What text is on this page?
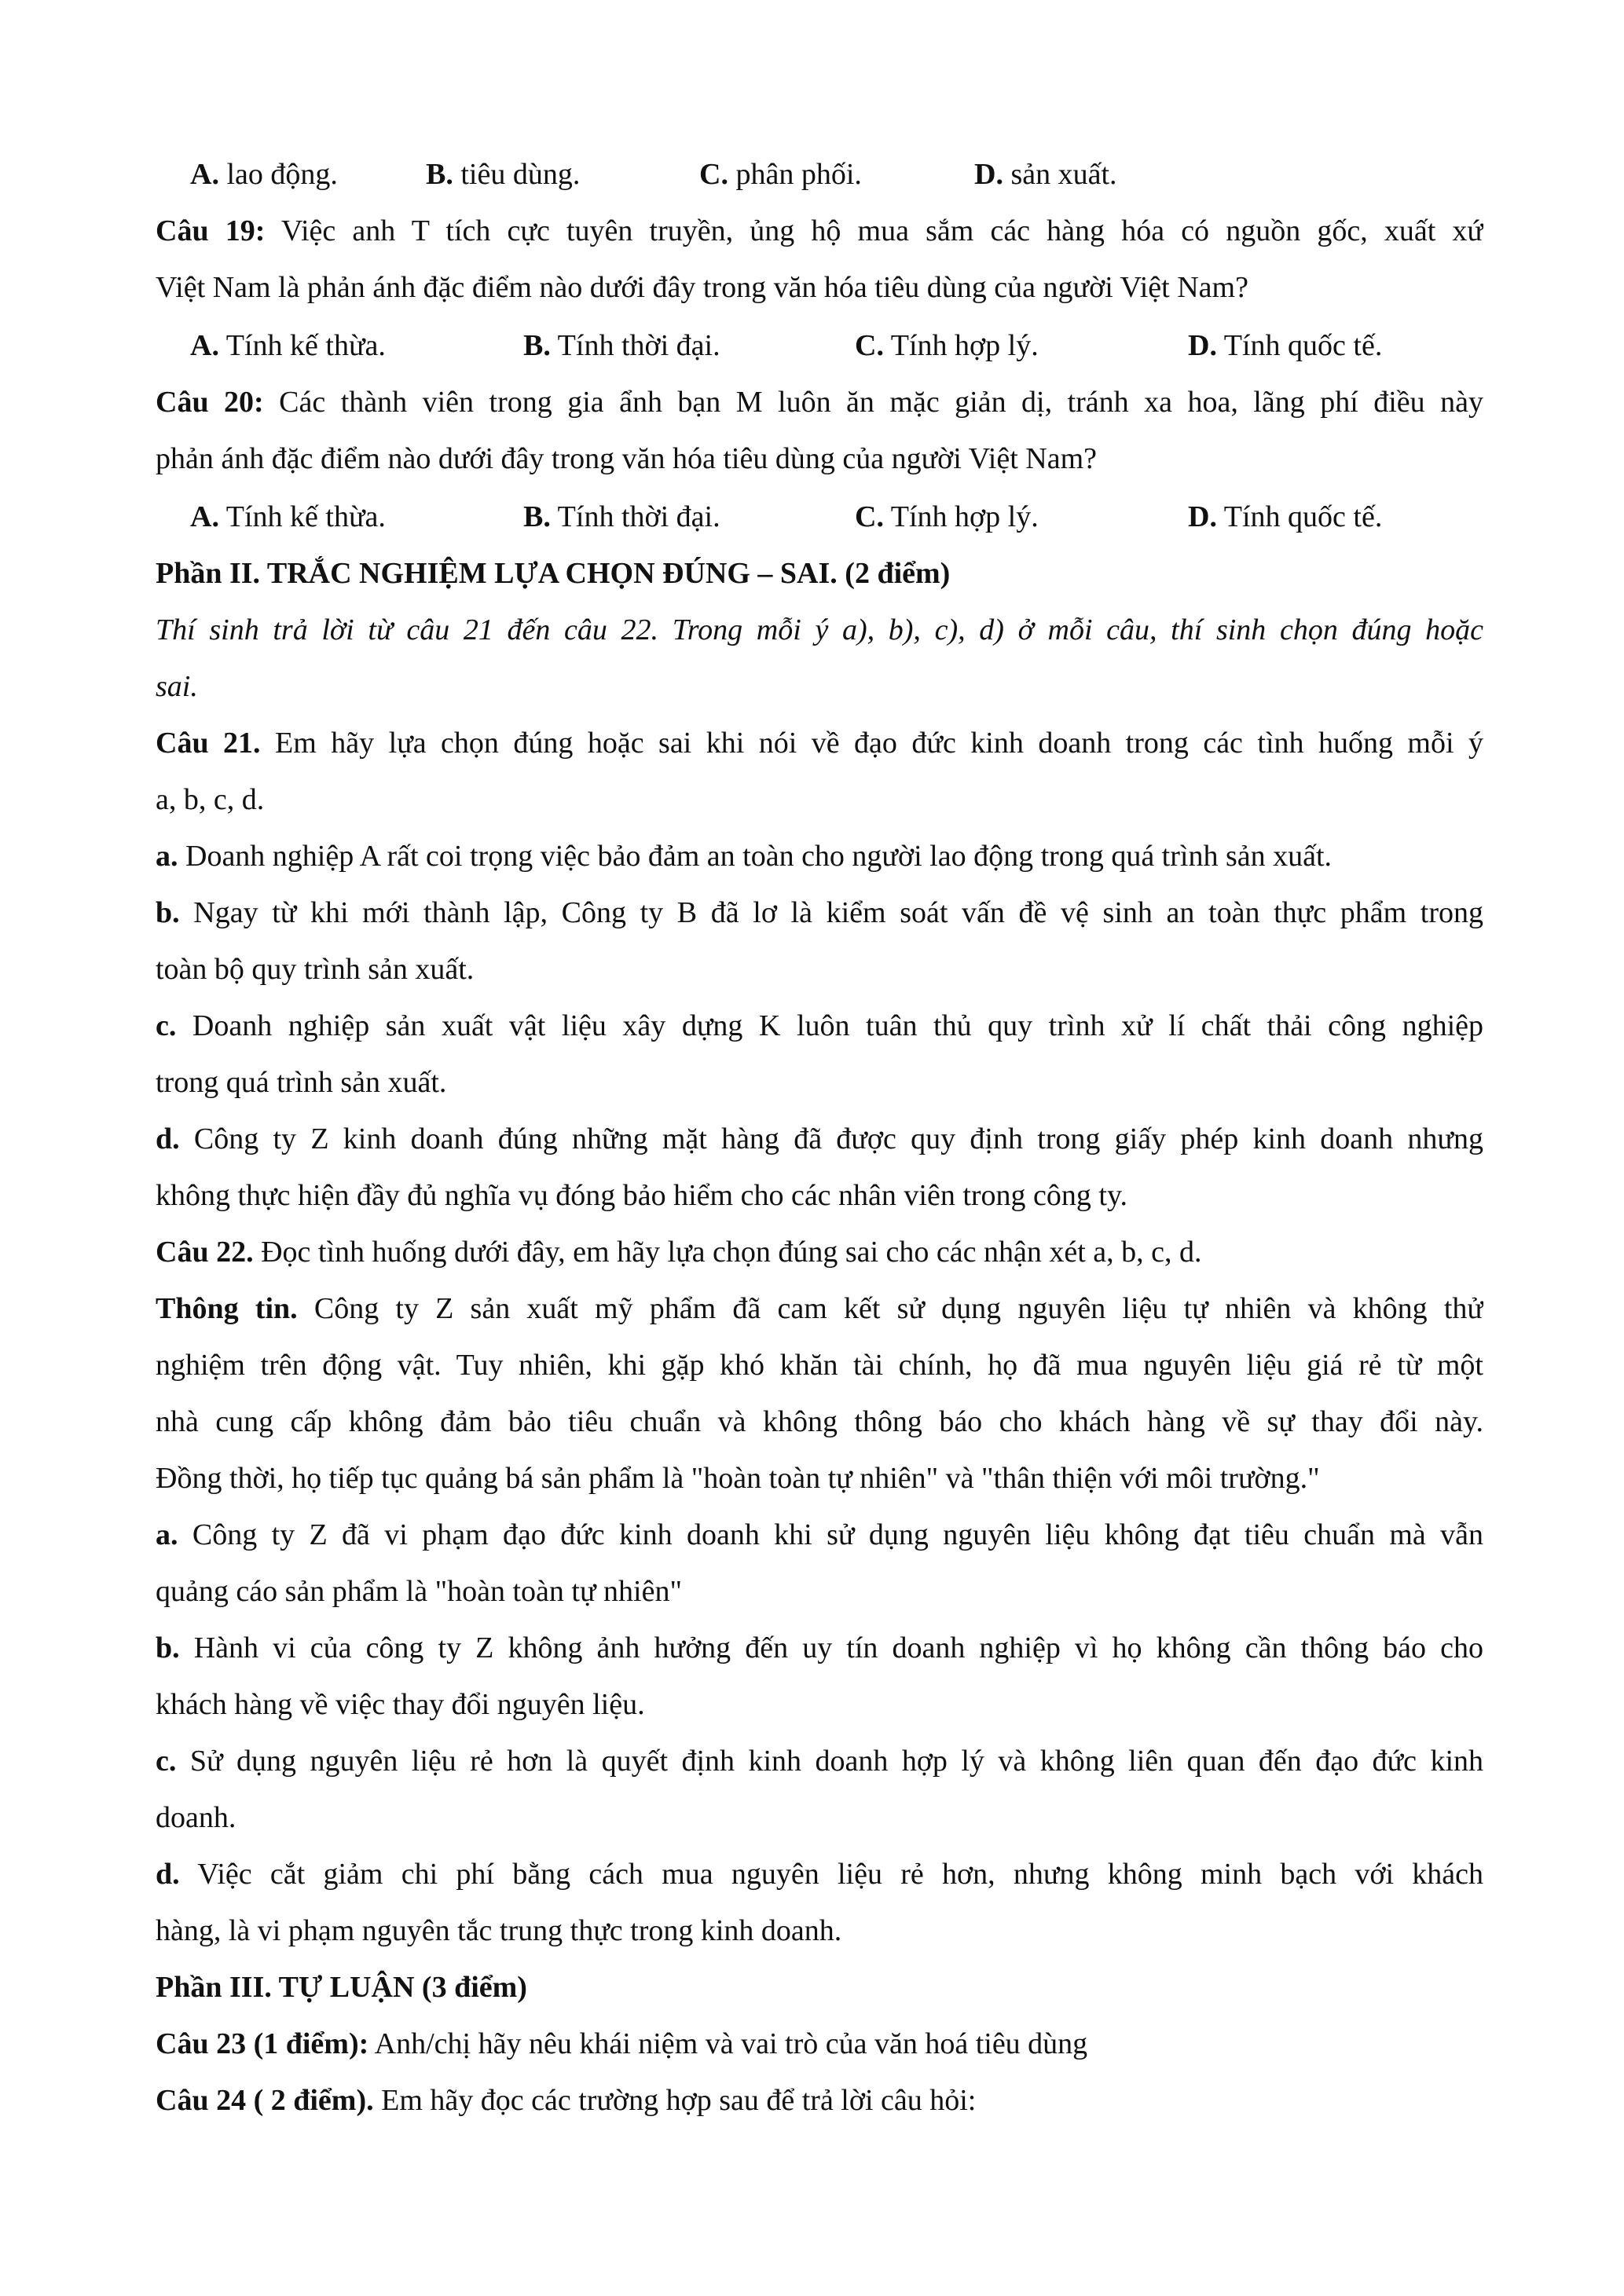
A. lao động.	B. tiêu dùng.	C. phân phối.	D. sản xuất.
Câu 19: Việc anh T tích cực tuyên truyền, ủng hộ mua sắm các hàng hóa có nguồn gốc, xuất xứ
Việt Nam là phản ánh đặc điểm nào dưới đây trong văn hóa tiêu dùng của người Việt Nam?
A. Tính kế thừa.	B. Tính thời đại.	C. Tính hợp lý.	D. Tính quốc tế.
Câu 20: Các thành viên trong gia ẩnh bạn M luôn ăn mặc giản dị, tránh xa hoa, lãng phí điều này
phản ánh đặc điểm nào dưới đây trong văn hóa tiêu dùng của người Việt Nam?
A. Tính kế thừa.	B. Tính thời đại.	C. Tính hợp lý.	D. Tính quốc tế.
Phần II. TRẮC NGHIỆM LỰA CHỌN ĐÚNG – SAI. (2 điểm)
Thí sinh trả lời từ câu 21 đến câu 22. Trong mỗi ý a), b), c), d) ở mỗi câu, thí sinh chọn đúng hoặc
sai.
Câu 21. Em hãy lựa chọn đúng hoặc sai khi nói về đạo đức kinh doanh trong các tình huống mỗi ý
a, b, c, d.
a. Doanh nghiệp A rất coi trọng việc bảo đảm an toàn cho người lao động trong quá trình sản xuất.
b. Ngay từ khi mới thành lập, Công ty B đã lơ là kiểm soát vấn đề vệ sinh an toàn thực phẩm trong
toàn bộ quy trình sản xuất.
c. Doanh nghiệp sản xuất vật liệu xây dựng K luôn tuân thủ quy trình xử lí chất thải công nghiệp
trong quá trình sản xuất.
d. Công ty Z kinh doanh đúng những mặt hàng đã được quy định trong giấy phép kinh doanh nhưng
không thực hiện đầy đủ nghĩa vụ đóng bảo hiểm cho các nhân viên trong công ty.
Câu 22. Đọc tình huống dưới đây, em hãy lựa chọn đúng sai cho các nhận xét a, b, c, d.
Thông tin. Công ty Z sản xuất mỹ phẩm đã cam kết sử dụng nguyên liệu tự nhiên và không thử
nghiệm trên động vật. Tuy nhiên, khi gặp khó khăn tài chính, họ đã mua nguyên liệu giá rẻ từ một
nhà cung cấp không đảm bảo tiêu chuẩn và không thông báo cho khách hàng về sự thay đổi này.
Đồng thời, họ tiếp tục quảng bá sản phẩm là "hoàn toàn tự nhiên" và "thân thiện với môi trường."
a. Công ty Z đã vi phạm đạo đức kinh doanh khi sử dụng nguyên liệu không đạt tiêu chuẩn mà vẫn
quảng cáo sản phẩm là "hoàn toàn tự nhiên"
b. Hành vi của công ty Z không ảnh hưởng đến uy tín doanh nghiệp vì họ không cần thông báo cho
khách hàng về việc thay đổi nguyên liệu.
c. Sử dụng nguyên liệu rẻ hơn là quyết định kinh doanh hợp lý và không liên quan đến đạo đức kinh
doanh.
d. Việc cắt giảm chi phí bằng cách mua nguyên liệu rẻ hơn, nhưng không minh bạch với khách
hàng, là vi phạm nguyên tắc trung thực trong kinh doanh.
Phần III. TỰ LUẬN (3 điểm)
Câu 23 (1 điểm): Anh/chị hãy nêu khái niệm và vai trò của văn hoá tiêu dùng
Câu 24 ( 2 điểm). Em hãy đọc các trường hợp sau để trả lời câu hỏi:
